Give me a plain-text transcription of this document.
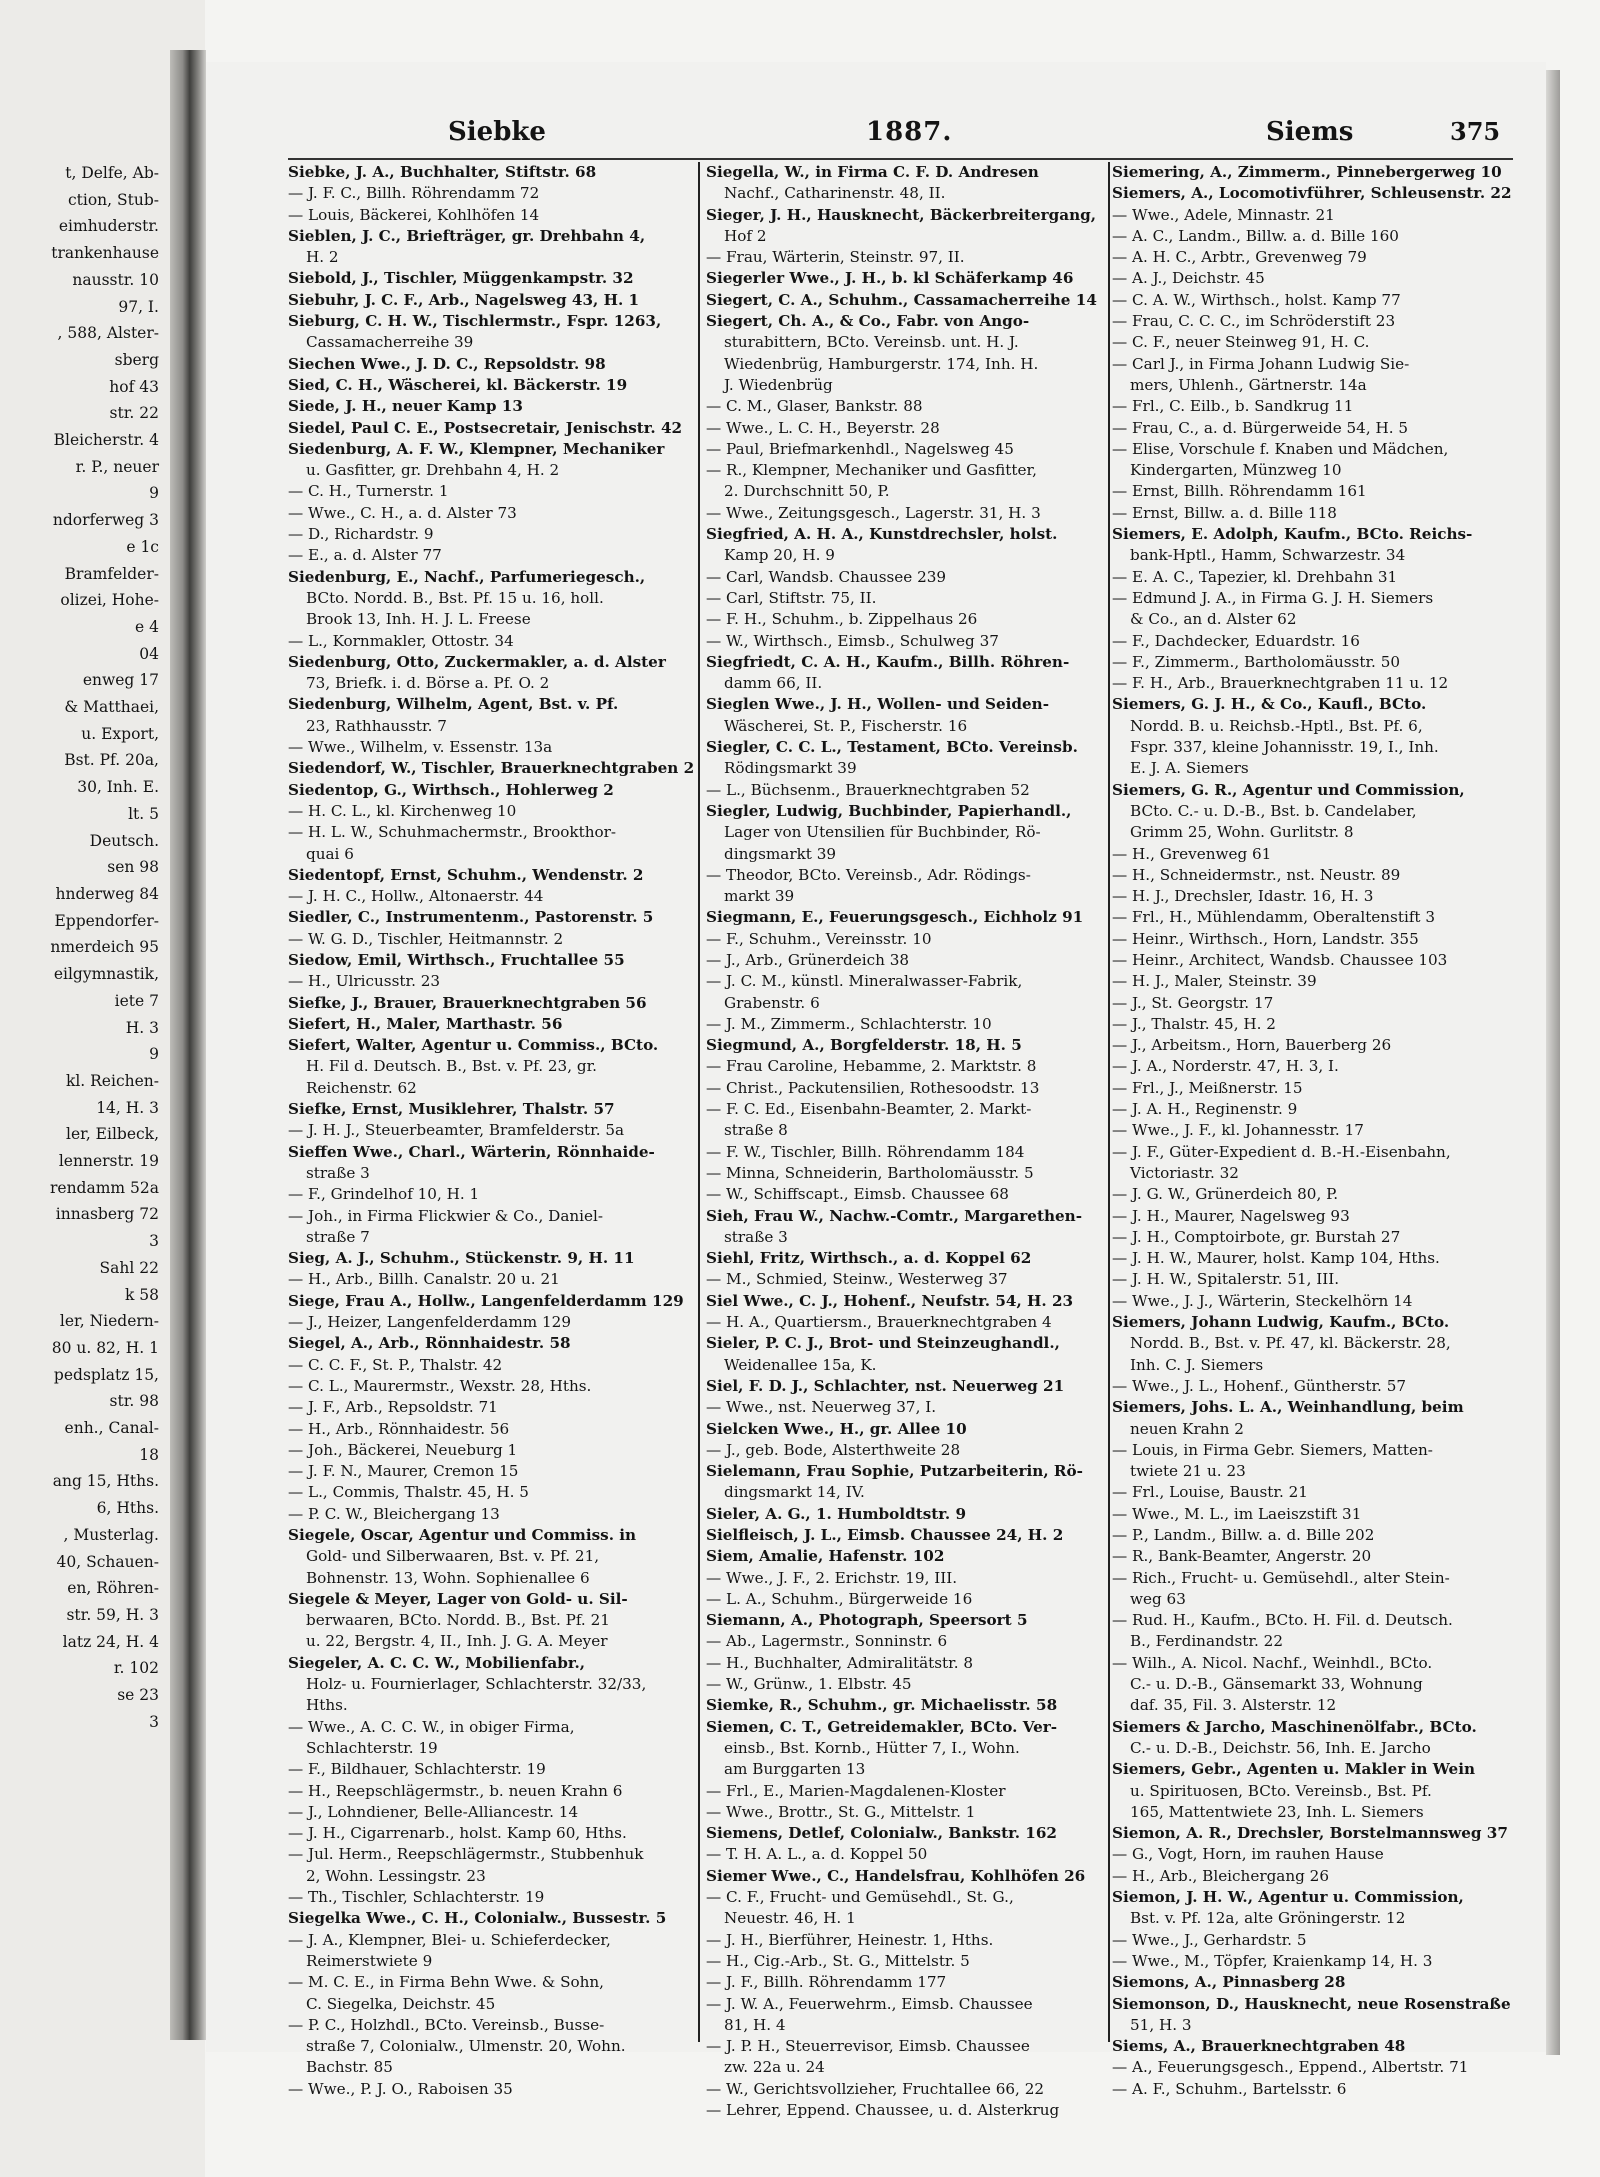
t, Delfe, Ab-
ction, Stub-
eimhuderstr.
trankenhause
nausstr. 10
97, I.
, 588, Alster-
sberg
hof 43
str. 22
Bleicherstr. 4
r. P., neuer
9
ndorferweg 3
e 1c
Bramfelder-
olizei, Hohe-
e 4
04
enweg 17
& Matthaei,
u. Export,
Bst. Pf. 20a,
30, Inh. E.
lt. 5
Deutsch.
sen 98
hnderweg 84
Eppendorfer-
nmerdeich 95
eilgymnastik,
iete 7
H. 3
9
kl. Reichen-
14, H. 3
ler, Eilbeck,
lennerstr. 19
rendamm 52a
innasberg 72
3
Sahl 22
k 58
ler, Niedern-
80 u. 82, H. 1
pedsplatz 15,
str. 98
enh., Canal-
18
ang 15, Hths.
6, Hths.
, Musterlag.
40, Schauen-
en, Röhren-
str. 59, H. 3
latz 24, H. 4
r. 102
se 23
3
Siebke	1887.	Siems	375
Siebke, J. A., Buchhalter, Stiftstr. 68
— J. F. C., Billh. Röhrendamm 72
— Louis, Bäckerei, Kohlhöfen 14
Sieblen, J. C., Briefträger, gr. Drehbahn 4,
H. 2
Siebold, J., Tischler, Müggenkampstr. 32
Siebuhr, J. C. F., Arb., Nagelsweg 43, H. 1
Sieburg, C. H. W., Tischlermstr., Fspr. 1263,
Cassamacherreihe 39
Siechen Wwe., J. D. C., Repsoldstr. 98
Sied, C. H., Wäscherei, kl. Bäckerstr. 19
Siede, J. H., neuer Kamp 13
Siedel, Paul C. E., Postsecretair, Jenischstr. 42
Siedenburg, A. F. W., Klempner, Mechaniker
u. Gasfitter, gr. Drehbahn 4, H. 2
— C. H., Turnerstr. 1
— Wwe., C. H., a. d. Alster 73
— D., Richardstr. 9
— E., a. d. Alster 77
Siedenburg, E., Nachf., Parfumeriegesch.,
BCto. Nordd. B., Bst. Pf. 15 u. 16, holl.
Brook 13, Inh. H. J. L. Freese
— L., Kornmakler, Ottostr. 34
Siedenburg, Otto, Zuckermakler, a. d. Alster
73, Briefk. i. d. Börse a. Pf. O. 2
Siedenburg, Wilhelm, Agent, Bst. v. Pf.
23, Rathhausstr. 7
— Wwe., Wilhelm, v. Essenstr. 13a
Siedendorf, W., Tischler, Brauerknechtgraben 2
Siedentop, G., Wirthsch., Hohlerweg 2
— H. C. L., kl. Kirchenweg 10
— H. L. W., Schuhmachermstr., Brookthor-
quai 6
Siedentopf, Ernst, Schuhm., Wendenstr. 2
— J. H. C., Hollw., Altonaerstr. 44
Siedler, C., Instrumentenm., Pastorenstr. 5
— W. G. D., Tischler, Heitmannstr. 2
Siedow, Emil, Wirthsch., Fruchtallee 55
— H., Ulricusstr. 23
Siefke, J., Brauer, Brauerknechtgraben 56
Siefert, H., Maler, Marthastr. 56
Siefert, Walter, Agentur u. Commiss., BCto.
H. Fil d. Deutsch. B., Bst. v. Pf. 23, gr.
Reichenstr. 62
Siefke, Ernst, Musiklehrer, Thalstr. 57
— J. H. J., Steuerbeamter, Bramfelderstr. 5a
Sieffen Wwe., Charl., Wärterin, Rönnhaide-
straße 3
— F., Grindelhof 10, H. 1
— Joh., in Firma Flickwier & Co., Daniel-
straße 7
Sieg, A. J., Schuhm., Stückenstr. 9, H. 11
— H., Arb., Billh. Canalstr. 20 u. 21
Siege, Frau A., Hollw., Langenfelderdamm 129
— J., Heizer, Langenfelderdamm 129
Siegel, A., Arb., Rönnhaidestr. 58
— C. C. F., St. P., Thalstr. 42
— C. L., Maurermstr., Wexstr. 28, Hths.
— J. F., Arb., Repsoldstr. 71
— H., Arb., Rönnhaidestr. 56
— Joh., Bäckerei, Neueburg 1
— J. F. N., Maurer, Cremon 15
— L., Commis, Thalstr. 45, H. 5
— P. C. W., Bleichergang 13
Siegele, Oscar, Agentur und Commiss. in
Gold- und Silberwaaren, Bst. v. Pf. 21,
Bohnenstr. 13, Wohn. Sophienallee 6
Siegele & Meyer, Lager von Gold- u. Sil-
berwaaren, BCto. Nordd. B., Bst. Pf. 21
u. 22, Bergstr. 4, II., Inh. J. G. A. Meyer
Siegeler, A. C. C. W., Mobilienfabr.,
Holz- u. Fournierlager, Schlachterstr. 32/33,
Hths.
— Wwe., A. C. C. W., in obiger Firma,
Schlachterstr. 19
— F., Bildhauer, Schlachterstr. 19
— H., Reepschlägermstr., b. neuen Krahn 6
— J., Lohndiener, Belle-Alliancestr. 14
— J. H., Cigarrenarb., holst. Kamp 60, Hths.
— Jul. Herm., Reepschlägermstr., Stubbenhuk
2, Wohn. Lessingstr. 23
— Th., Tischler, Schlachterstr. 19
Siegelka Wwe., C. H., Colonialw., Bussestr. 5
— J. A., Klempner, Blei- u. Schieferdecker,
Reimerstwiete 9
— M. C. E., in Firma Behn Wwe. & Sohn,
C. Siegelka, Deichstr. 45
— P. C., Holzhdl., BCto. Vereinsb., Busse-
straße 7, Colonialw., Ulmenstr. 20, Wohn.
Bachstr. 85
— Wwe., P. J. O., Raboisen 35
Siegella, W., in Firma C. F. D. Andresen
Nachf., Catharinenstr. 48, II.
Sieger, J. H., Hausknecht, Bäckerbreitergang,
Hof 2
— Frau, Wärterin, Steinstr. 97, II.
Siegerler Wwe., J. H., b. kl Schäferkamp 46
Siegert, C. A., Schuhm., Cassamacherreihe 14
Siegert, Ch. A., & Co., Fabr. von Ango-
sturabittern, BCto. Vereinsb. unt. H. J.
Wiedenbrüg, Hamburgerstr. 174, Inh. H.
J. Wiedenbrüg
— C. M., Glaser, Bankstr. 88
— Wwe., L. C. H., Beyerstr. 28
— Paul, Briefmarkenhdl., Nagelsweg 45
— R., Klempner, Mechaniker und Gasfitter,
2. Durchschnitt 50, P.
— Wwe., Zeitungsgesch., Lagerstr. 31, H. 3
Siegfried, A. H. A., Kunstdrechsler, holst.
Kamp 20, H. 9
— Carl, Wandsb. Chaussee 239
— Carl, Stiftstr. 75, II.
— F. H., Schuhm., b. Zippelhaus 26
— W., Wirthsch., Eimsb., Schulweg 37
Siegfriedt, C. A. H., Kaufm., Billh. Röhren-
damm 66, II.
Sieglen Wwe., J. H., Wollen- und Seiden-
Wäscherei, St. P., Fischerstr. 16
Siegler, C. C. L., Testament, BCto. Vereinsb.
Rödingsmarkt 39
— L., Büchsenm., Brauerknechtgraben 52
Siegler, Ludwig, Buchbinder, Papierhandl.,
Lager von Utensilien für Buchbinder, Rö-
dingsmarkt 39
— Theodor, BCto. Vereinsb., Adr. Rödings-
markt 39
Siegmann, E., Feuerungsgesch., Eichholz 91
— F., Schuhm., Vereinsstr. 10
— J., Arb., Grünerdeich 38
— J. C. M., künstl. Mineralwasser-Fabrik,
Grabenstr. 6
— J. M., Zimmerm., Schlachterstr. 10
Siegmund, A., Borgfelderstr. 18, H. 5
— Frau Caroline, Hebamme, 2. Marktstr. 8
— Christ., Packutensilien, Rothesoodstr. 13
— F. C. Ed., Eisenbahn-Beamter, 2. Markt-
straße 8
— F. W., Tischler, Billh. Röhrendamm 184
— Minna, Schneiderin, Bartholomäusstr. 5
— W., Schiffscapt., Eimsb. Chaussee 68
Sieh, Frau W., Nachw.-Comtr., Margarethen-
straße 3
Siehl, Fritz, Wirthsch., a. d. Koppel 62
— M., Schmied, Steinw., Westerweg 37
Siel Wwe., C. J., Hohenf., Neufstr. 54, H. 23
— H. A., Quartiersm., Brauerknechtgraben 4
Sieler, P. C. J., Brot- und Steinzeughandl.,
Weidenallee 15a, K.
Siel, F. D. J., Schlachter, nst. Neuerweg 21
— Wwe., nst. Neuerweg 37, I.
Sielcken Wwe., H., gr. Allee 10
— J., geb. Bode, Alsterthweite 28
Sielemann, Frau Sophie, Putzarbeiterin, Rö-
dingsmarkt 14, IV.
Sieler, A. G., 1. Humboldtstr. 9
Sielfleisch, J. L., Eimsb. Chaussee 24, H. 2
Siem, Amalie, Hafenstr. 102
— Wwe., J. F., 2. Erichstr. 19, III.
— L. A., Schuhm., Bürgerweide 16
Siemann, A., Photograph, Speersort 5
— Ab., Lagermstr., Sonninstr. 6
— H., Buchhalter, Admiralitätstr. 8
— W., Grünw., 1. Elbstr. 45
Siemke, R., Schuhm., gr. Michaelisstr. 58
Siemen, C. T., Getreidemakler, BCto. Ver-
einsb., Bst. Kornb., Hütter 7, I., Wohn.
am Burggarten 13
— Frl., E., Marien-Magdalenen-Kloster
— Wwe., Brottr., St. G., Mittelstr. 1
Siemens, Detlef, Colonialw., Bankstr. 162
— T. H. A. L., a. d. Koppel 50
Siemer Wwe., C., Handelsfrau, Kohlhöfen 26
— C. F., Frucht- und Gemüsehdl., St. G.,
Neuestr. 46, H. 1
— J. H., Bierführer, Heinestr. 1, Hths.
— H., Cig.-Arb., St. G., Mittelstr. 5
— J. F., Billh. Röhrendamm 177
— J. W. A., Feuerwehrm., Eimsb. Chaussee
81, H. 4
— J. P. H., Steuerrevisor, Eimsb. Chaussee
zw. 22a u. 24
— W., Gerichtsvollzieher, Fruchtallee 66, 22
— Lehrer, Eppend. Chaussee, u. d. Alsterkrug
Siemering, A., Zimmerm., Pinnebergerweg 10
Siemers, A., Locomotivführer, Schleusenstr. 22
— Wwe., Adele, Minnastr. 21
— A. C., Landm., Billw. a. d. Bille 160
— A. H. C., Arbtr., Grevenweg 79
— A. J., Deichstr. 45
— C. A. W., Wirthsch., holst. Kamp 77
— Frau, C. C. C., im Schröderstift 23
— C. F., neuer Steinweg 91, H. C.
— Carl J., in Firma Johann Ludwig Sie-
mers, Uhlenh., Gärtnerstr. 14a
— Frl., C. Eilb., b. Sandkrug 11
— Frau, C., a. d. Bürgerweide 54, H. 5
— Elise, Vorschule f. Knaben und Mädchen,
Kindergarten, Münzweg 10
— Ernst, Billh. Röhrendamm 161
— Ernst, Billw. a. d. Bille 118
Siemers, E. Adolph, Kaufm., BCto. Reichs-
bank-Hptl., Hamm, Schwarzestr. 34
— E. A. C., Tapezier, kl. Drehbahn 31
— Edmund J. A., in Firma G. J. H. Siemers
& Co., an d. Alster 62
— F., Dachdecker, Eduardstr. 16
— F., Zimmerm., Bartholomäusstr. 50
— F. H., Arb., Brauerknechtgraben 11 u. 12
Siemers, G. J. H., & Co., Kaufl., BCto.
Nordd. B. u. Reichsb.-Hptl., Bst. Pf. 6,
Fspr. 337, kleine Johannisstr. 19, I., Inh.
E. J. A. Siemers
Siemers, G. R., Agentur und Commission,
BCto. C.- u. D.-B., Bst. b. Candelaber,
Grimm 25, Wohn. Gurlitstr. 8
— H., Grevenweg 61
— H., Schneidermstr., nst. Neustr. 89
— H. J., Drechsler, Idastr. 16, H. 3
— Frl., H., Mühlendamm, Oberaltenstift 3
— Heinr., Wirthsch., Horn, Landstr. 355
— Heinr., Architect, Wandsb. Chaussee 103
— H. J., Maler, Steinstr. 39
— J., St. Georgstr. 17
— J., Thalstr. 45, H. 2
— J., Arbeitsm., Horn, Bauerberg 26
— J. A., Norderstr. 47, H. 3, I.
— Frl., J., Meißnerstr. 15
— J. A. H., Reginenstr. 9
— Wwe., J. F., kl. Johannesstr. 17
— J. F., Güter-Expedient d. B.-H.-Eisenbahn,
Victoriastr. 32
— J. G. W., Grünerdeich 80, P.
— J. H., Maurer, Nagelsweg 93
— J. H., Comptoirbote, gr. Burstah 27
— J. H. W., Maurer, holst. Kamp 104, Hths.
— J. H. W., Spitalerstr. 51, III.
— Wwe., J. J., Wärterin, Steckelhörn 14
Siemers, Johann Ludwig, Kaufm., BCto.
Nordd. B., Bst. v. Pf. 47, kl. Bäckerstr. 28,
Inh. C. J. Siemers
— Wwe., J. L., Hohenf., Güntherstr. 57
Siemers, Johs. L. A., Weinhandlung, beim
neuen Krahn 2
— Louis, in Firma Gebr. Siemers, Matten-
twiete 21 u. 23
— Frl., Louise, Baustr. 21
— Wwe., M. L., im Laeiszstift 31
— P., Landm., Billw. a. d. Bille 202
— R., Bank-Beamter, Angerstr. 20
— Rich., Frucht- u. Gemüsehdl., alter Stein-
weg 63
— Rud. H., Kaufm., BCto. H. Fil. d. Deutsch.
B., Ferdinandstr. 22
— Wilh., A. Nicol. Nachf., Weinhdl., BCto.
C.- u. D.-B., Gänsemarkt 33, Wohnung
daf. 35, Fil. 3. Alsterstr. 12
Siemers & Jarcho, Maschinenölfabr., BCto.
C.- u. D.-B., Deichstr. 56, Inh. E. Jarcho
Siemers, Gebr., Agenten u. Makler in Wein
u. Spirituosen, BCto. Vereinsb., Bst. Pf.
165, Mattentwiete 23, Inh. L. Siemers
Siemon, A. R., Drechsler, Borstelmannsweg 37
— G., Vogt, Horn, im rauhen Hause
— H., Arb., Bleichergang 26
Siemon, J. H. W., Agentur u. Commission,
Bst. v. Pf. 12a, alte Gröningerstr. 12
— Wwe., J., Gerhardstr. 5
— Wwe., M., Töpfer, Kraienkamp 14, H. 3
Siemons, A., Pinnasberg 28
Siemonson, D., Hausknecht, neue Rosenstraße
51, H. 3
Siems, A., Brauerknechtgraben 48
— A., Feuerungsgesch., Eppend., Albertstr. 71
— A. F., Schuhm., Bartelsstr. 6
